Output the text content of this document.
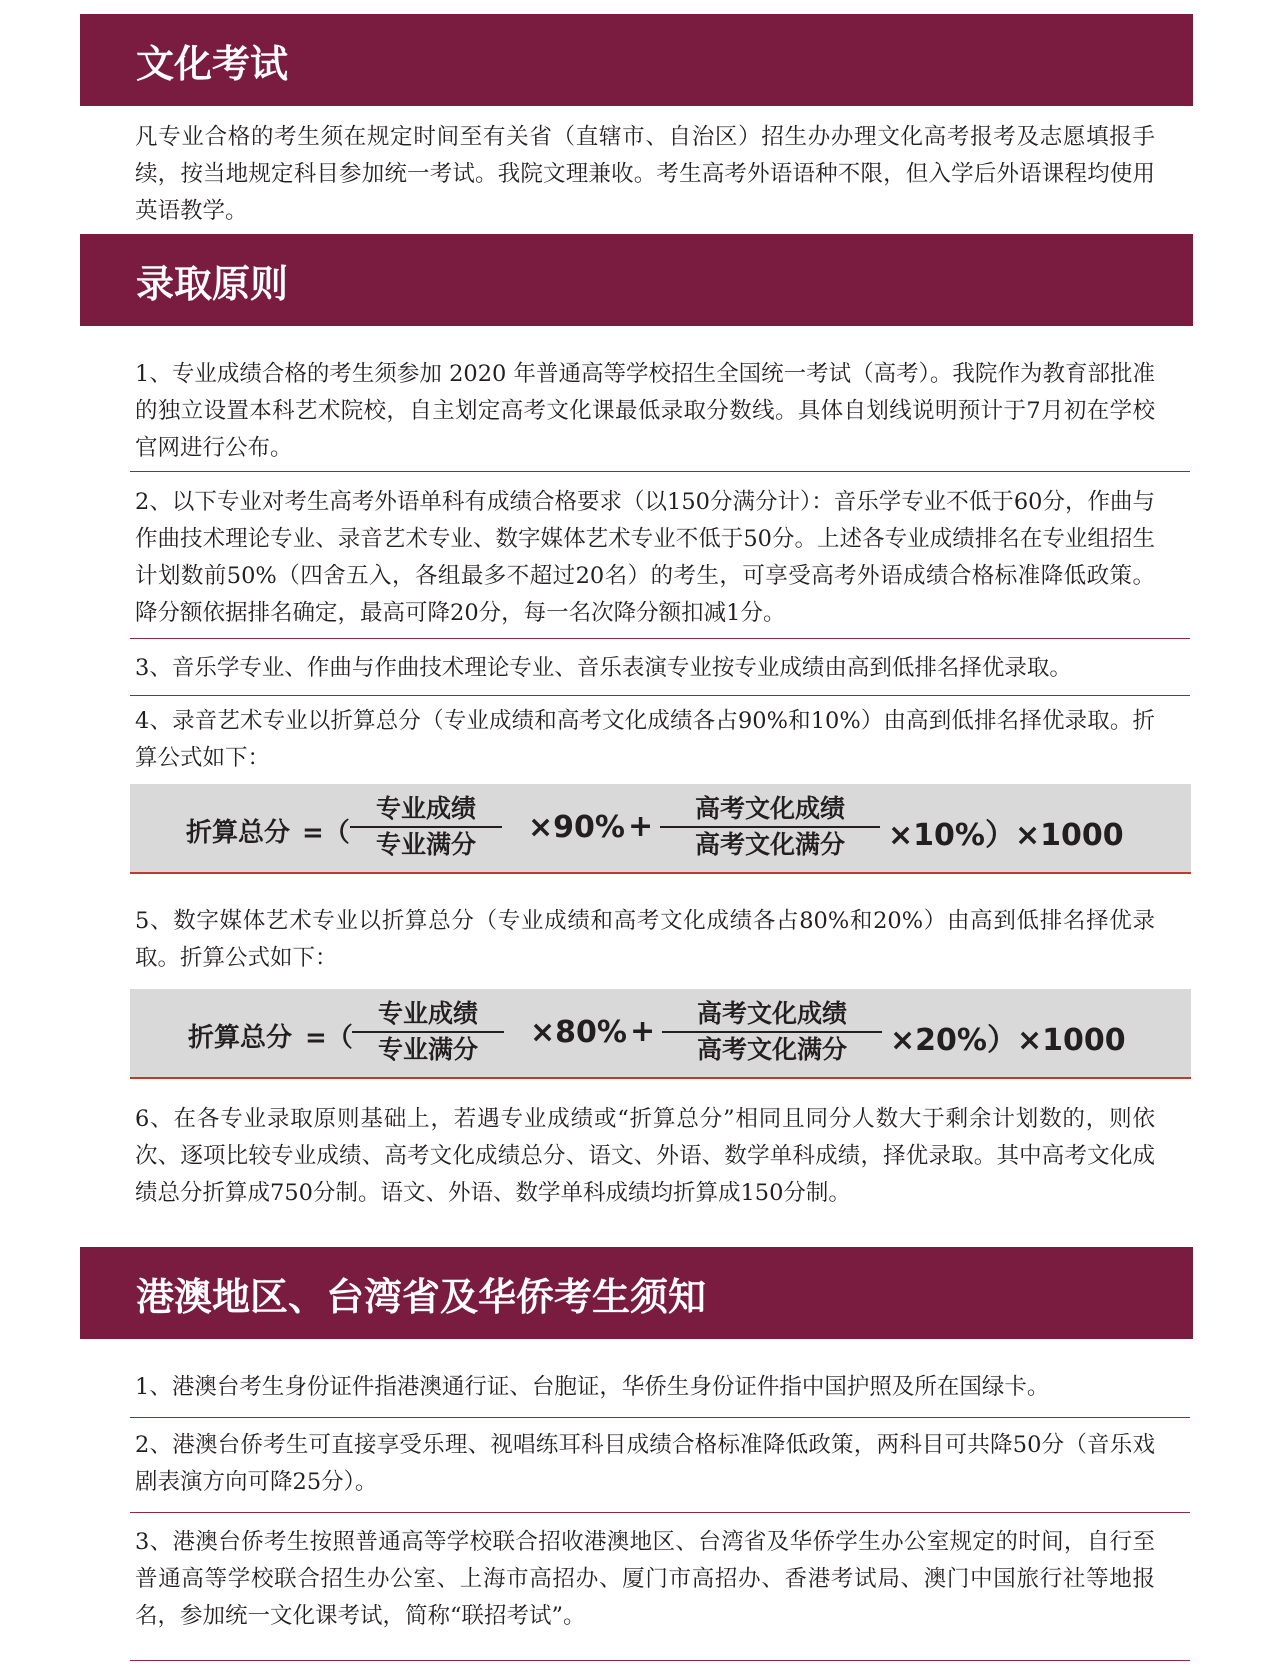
文化考试

凡专业合格的考生须在规定时间至有关省（直辖市、自治区）招生办办理文化高考报考及志愿填报手续，按当地规定科目参加统一考试。我院文理兼收。考生高考外语语种不限，但入学后外语课程均使用英语教学。

录取原则

1、专业成绩合格的考生须参加 2020 年普通高等学校招生全国统一考试（高考）。我院作为教育部批准的独立设置本科艺术院校，自主划定高考文化课最低录取分数线。具体自划线说明预计于7月初在学校官网进行公布。

2、以下专业对考生高考外语单科有成绩合格要求（以150分满分计）：音乐学专业不低于60分，作曲与作曲技术理论专业、录音艺术专业、数字媒体艺术专业不低于50分。上述各专业成绩排名在专业组招生计划数前50%（四舍五入，各组最多不超过20名）的考生，可享受高考外语成绩合格标准降低政策。降分额依据排名确定，最高可降20分，每一名次降分额扣减1分。

3、音乐学专业、作曲与作曲技术理论专业、音乐表演专业按专业成绩由高到低排名择优录取。

4、录音艺术专业以折算总分（专业成绩和高考文化成绩各占90%和10%）由高到低排名择优录取。折算公式如下：

折算总分 =（
专业成绩
专业满分	×90% +
高考文化成绩
高考文化满分	×10%）×1000

5、数字媒体艺术专业以折算总分（专业成绩和高考文化成绩各占80%和20%）由高到低排名择优录取。折算公式如下：

折算总分 =（
专业成绩
专业满分	×80% +
高考文化成绩
高考文化满分	×20%）×1000

6、在各专业录取原则基础上，若遇专业成绩或“折算总分”相同且同分人数大于剩余计划数的，则依次、逐项比较专业成绩、高考文化成绩总分、语文、外语、数学单科成绩，择优录取。其中高考文化成绩总分折算成750分制。语文、外语、数学单科成绩均折算成150分制。

港澳地区、台湾省及华侨考生须知

1、港澳台考生身份证件指港澳通行证、台胞证，华侨生身份证件指中国护照及所在国绿卡。

2、港澳台侨考生可直接享受乐理、视唱练耳科目成绩合格标准降低政策，两科目可共降50分（音乐戏剧表演方向可降25分）。

3、港澳台侨考生按照普通高等学校联合招收港澳地区、台湾省及华侨学生办公室规定的时间，自行至普通高等学校联合招生办公室、上海市高招办、厦门市高招办、香港考试局、澳门中国旅行社等地报名，参加统一文化课考试，简称“联招考试”。
